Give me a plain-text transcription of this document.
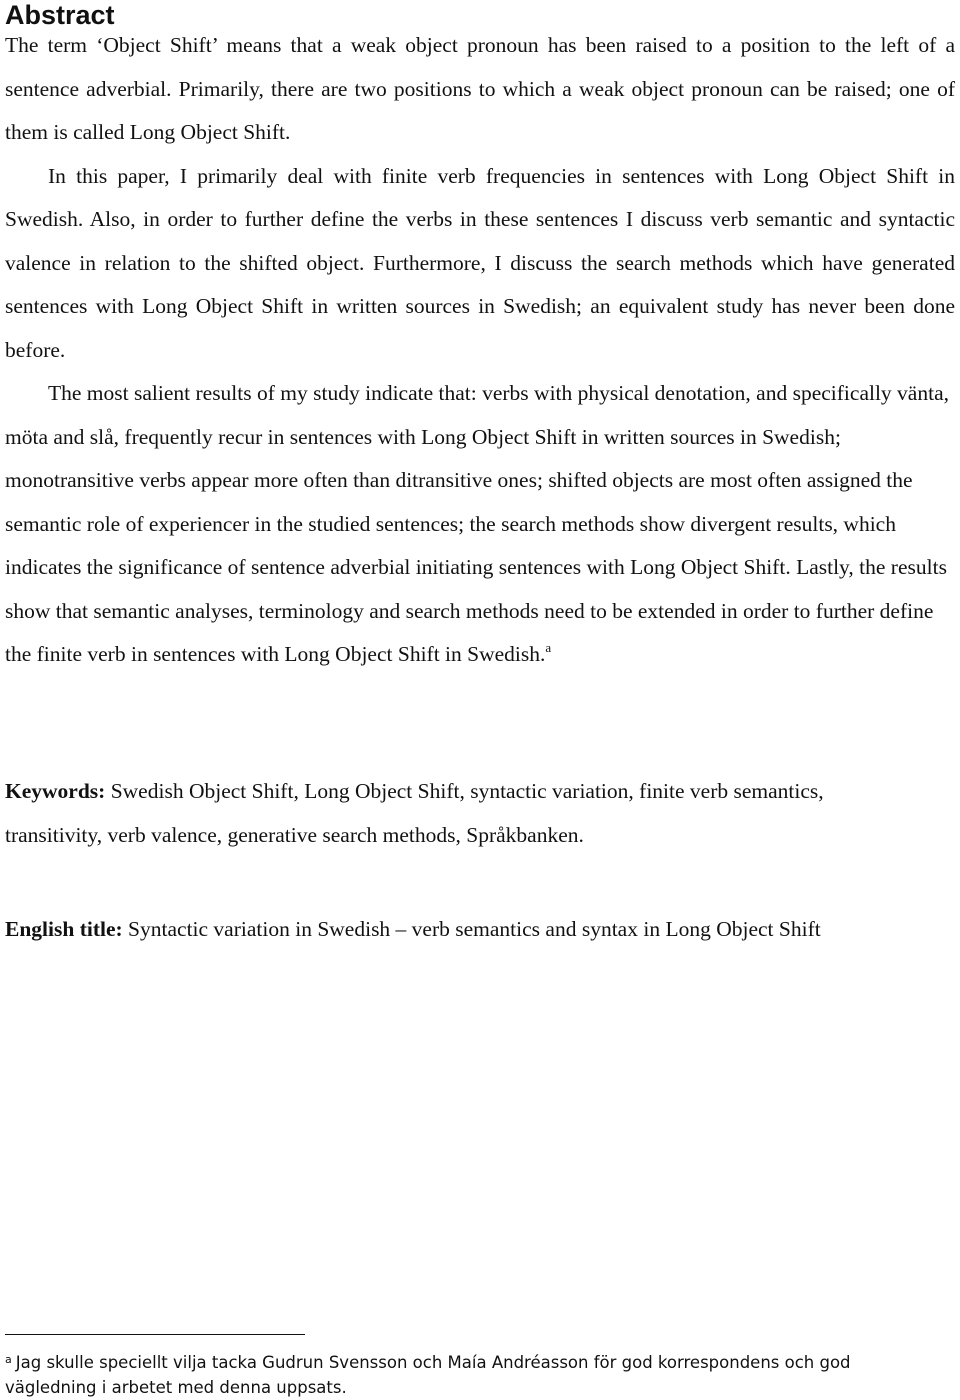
Abstract

The term ‘Object Shift’ means that a weak object pronoun has been raised to a position to the left of a sentence adverbial. Primarily, there are two positions to which a weak object pronoun can be raised; one of them is called Long Object Shift.

In this paper, I primarily deal with finite verb frequencies in sentences with Long Object Shift in Swedish. Also, in order to further define the verbs in these sentences I discuss verb semantic and syntactic valence in relation to the shifted object. Furthermore, I discuss the search methods which have generated sentences with Long Object Shift in written sources in Swedish; an equivalent study has never been done before.

The most salient results of my study indicate that: verbs with physical denotation, and specifically vänta, möta and slå, frequently recur in sentences with Long Object Shift in written sources in Swedish; monotransitive verbs appear more often than ditransitive ones; shifted objects are most often assigned the semantic role of experiencer in the studied sentences; the search methods show divergent results, which indicates the significance of sentence adverbial initiating sentences with Long Object Shift. Lastly, the results show that semantic analyses, terminology and search methods need to be extended in order to further define the finite verb in sentences with Long Object Shift in Swedish.$^a$

Keywords: Swedish Object Shift, Long Object Shift, syntactic variation, finite verb semantics, transitivity, verb valence, generative search methods, Språkbanken.

English title: Syntactic variation in Swedish – verb semantics and syntax in Long Object Shift

$^a$ Jag skulle speciellt vilja tacka Gudrun Svensson och Maía Andréasson för god korrespondens och god vägledning i arbetet med denna uppsats.
